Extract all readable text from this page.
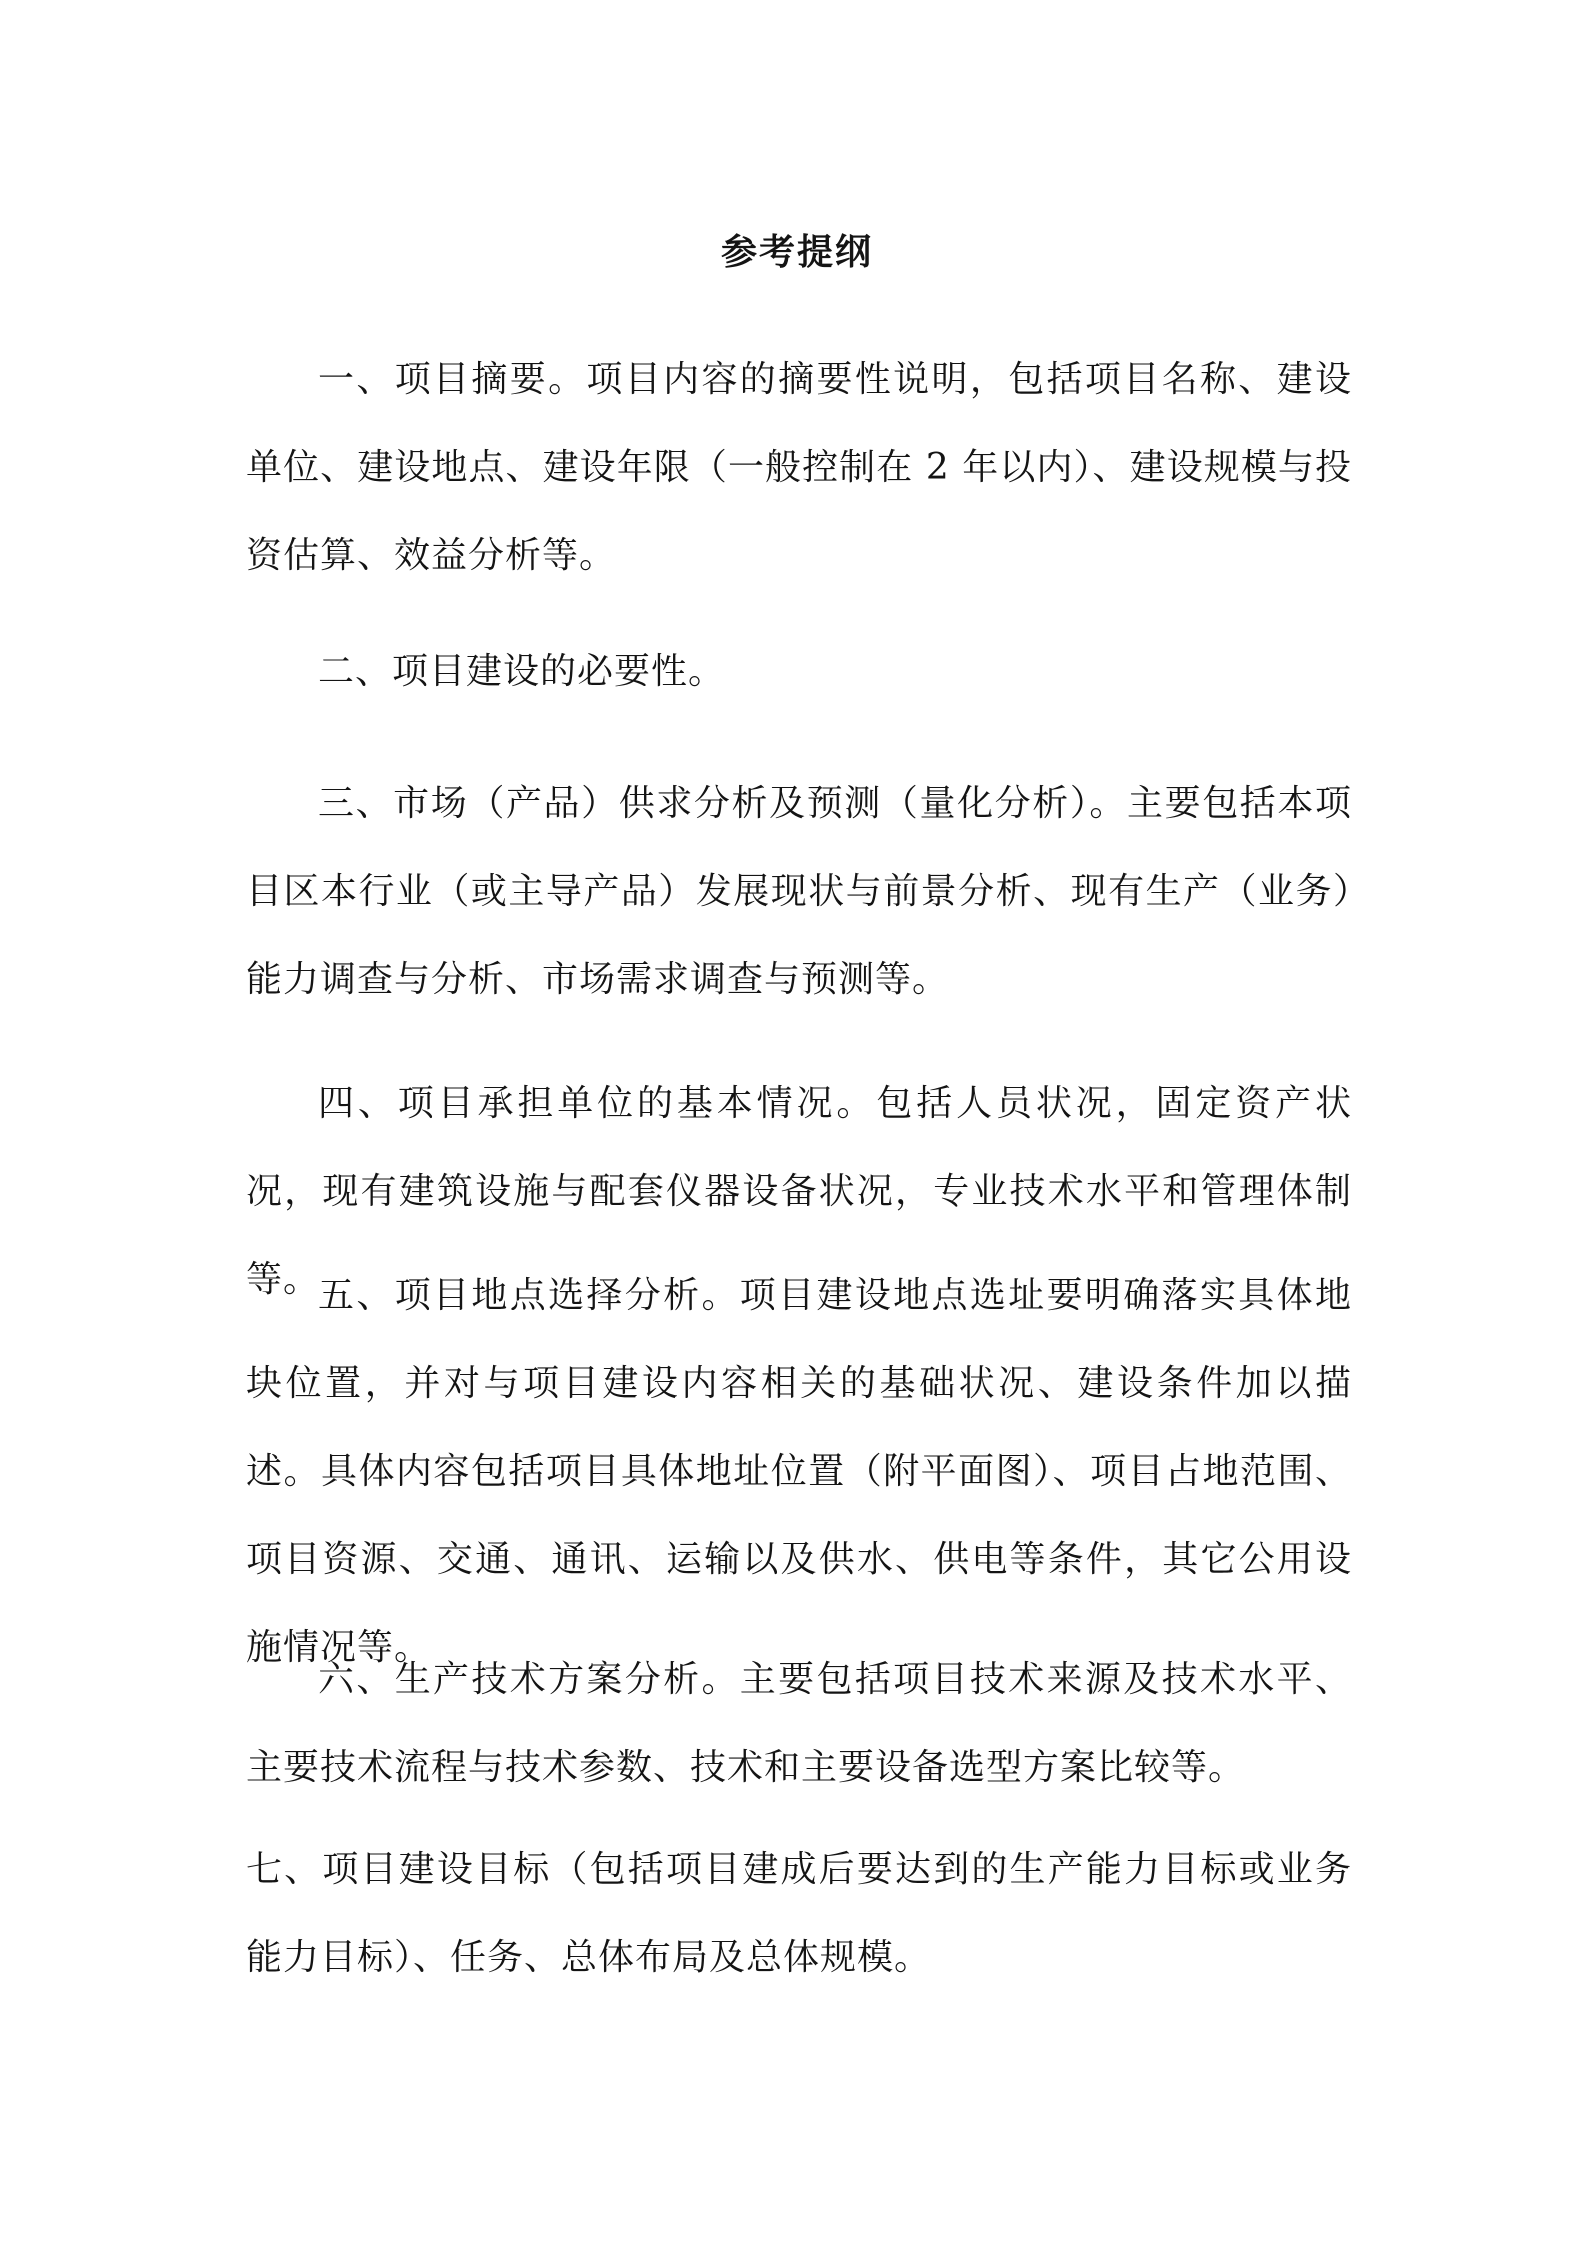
参考提纲

一、项目摘要。项目内容的摘要性说明，包括项目名称、建设单位、建设地点、建设年限（一般控制在 2 年以内）、建设规模与投资估算、效益分析等。

二、项目建设的必要性。

三、市场（产品）供求分析及预测（量化分析）。主要包括本项目区本行业（或主导产品）发展现状与前景分析、现有生产（业务）能力调查与分析、市场需求调查与预测等。

四、项目承担单位的基本情况。包括人员状况，固定资产状况，现有建筑设施与配套仪器设备状况，专业技术水平和管理体制等。

五、项目地点选择分析。项目建设地点选址要明确落实具体地块位置，并对与项目建设内容相关的基础状况、建设条件加以描述。具体内容包括项目具体地址位置（附平面图）、项目占地范围、项目资源、交通、通讯、运输以及供水、供电等条件，其它公用设施情况等。

六、生产技术方案分析。主要包括项目技术来源及技术水平、主要技术流程与技术参数、技术和主要设备选型方案比较等。

七、项目建设目标（包括项目建成后要达到的生产能力目标或业务能力目标）、任务、总体布局及总体规模。
